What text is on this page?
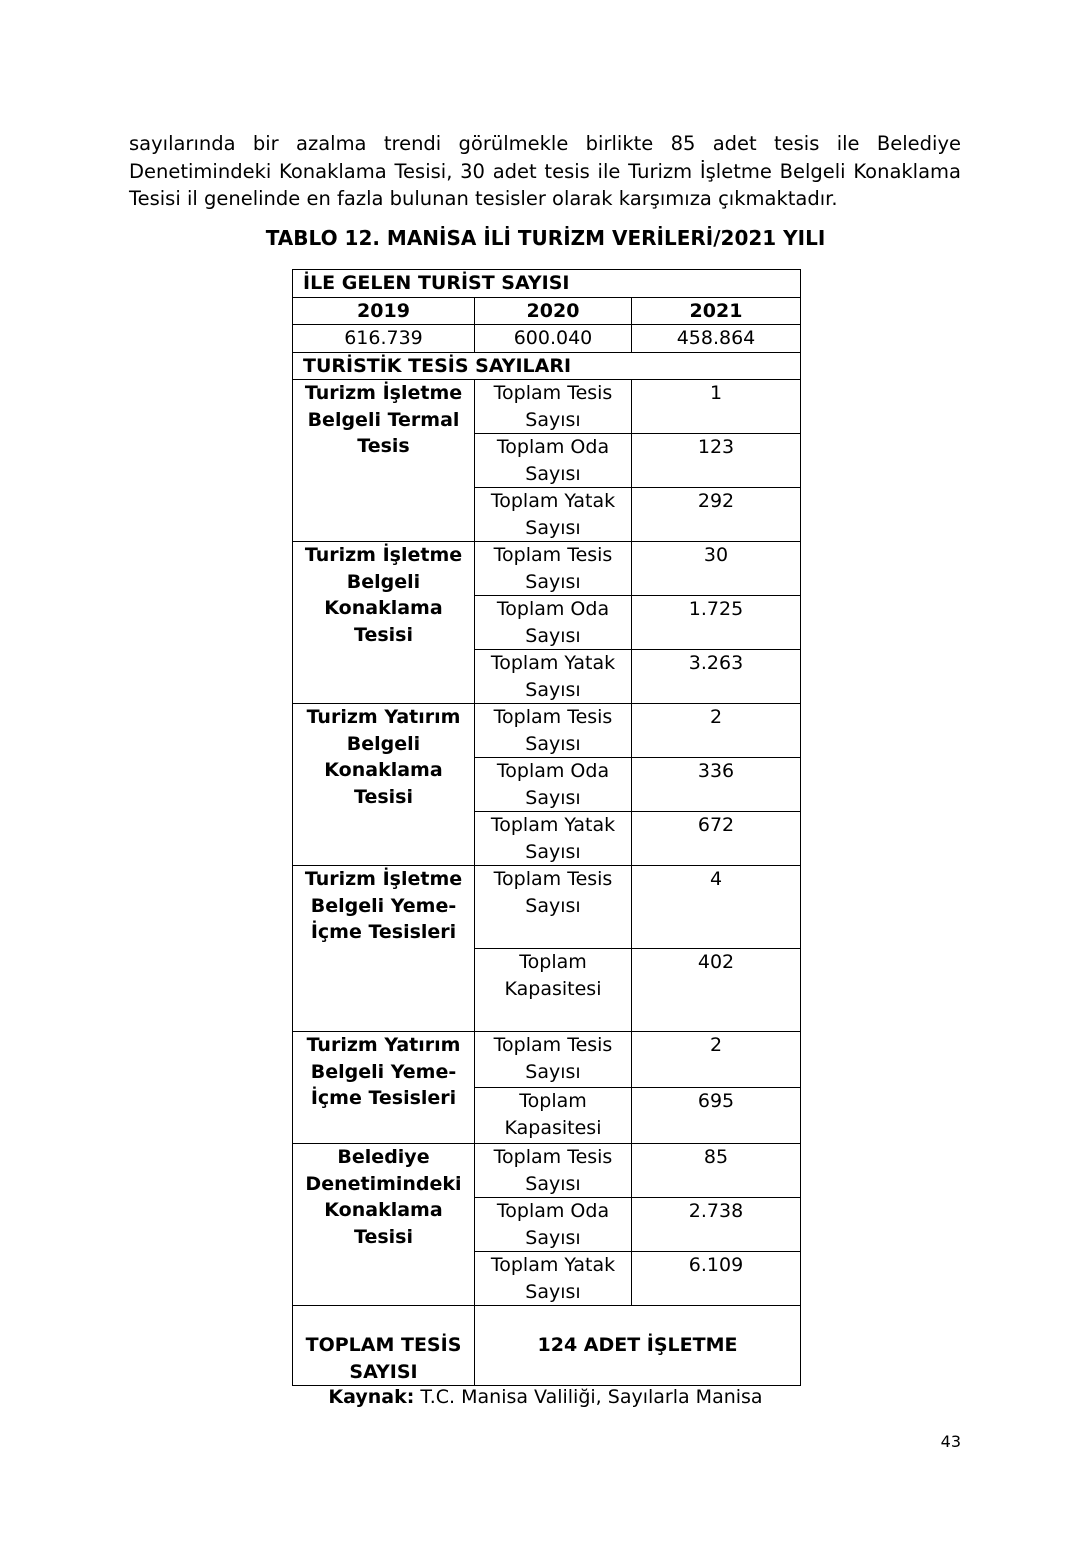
sayılarında bir azalma trendi görülmekle birlikte 85 adet tesis ile Belediye Denetimindeki Konaklama Tesisi, 30 adet tesis ile Turizm İşletme Belgeli Konaklama Tesisi il genelinde en fazla bulunan tesisler olarak karşımıza çıkmaktadır.
TABLO 12. MANİSA İLİ TURİZM VERİLERİ/2021 YILI
İLE GELEN TURİST SAYISI		
2019	2020	2021
616.739	600.040	458.864
TURİSTİK TESİS SAYILARI		
Turizm İşletme Belgeli Termal Tesis	Toplam Tesis Sayısı	1
	Toplam Oda Sayısı	123
	Toplam Yatak Sayısı	292
Turizm İşletme Belgeli Konaklama Tesisi	Toplam Tesis Sayısı	30
	Toplam Oda Sayısı	1.725
	Toplam Yatak Sayısı	3.263
Turizm Yatırım Belgeli Konaklama Tesisi	Toplam Tesis Sayısı	2
	Toplam Oda Sayısı	336
	Toplam Yatak Sayısı	672
Turizm İşletme Belgeli Yeme-İçme Tesisleri	Toplam Tesis Sayısı	4
	Toplam Kapasitesi	402
Turizm Yatırım Belgeli Yeme-İçme Tesisleri	Toplam Tesis Sayısı	2
	Toplam Kapasitesi	695
Belediye Denetimindeki Konaklama Tesisi	Toplam Tesis Sayısı	85
	Toplam Oda Sayısı	2.738
	Toplam Yatak Sayısı	6.109
TOPLAM TESİS SAYISI	124 ADET İŞLETME	
Kaynak: T.C. Manisa Valiliği, Sayılarla Manisa
43
